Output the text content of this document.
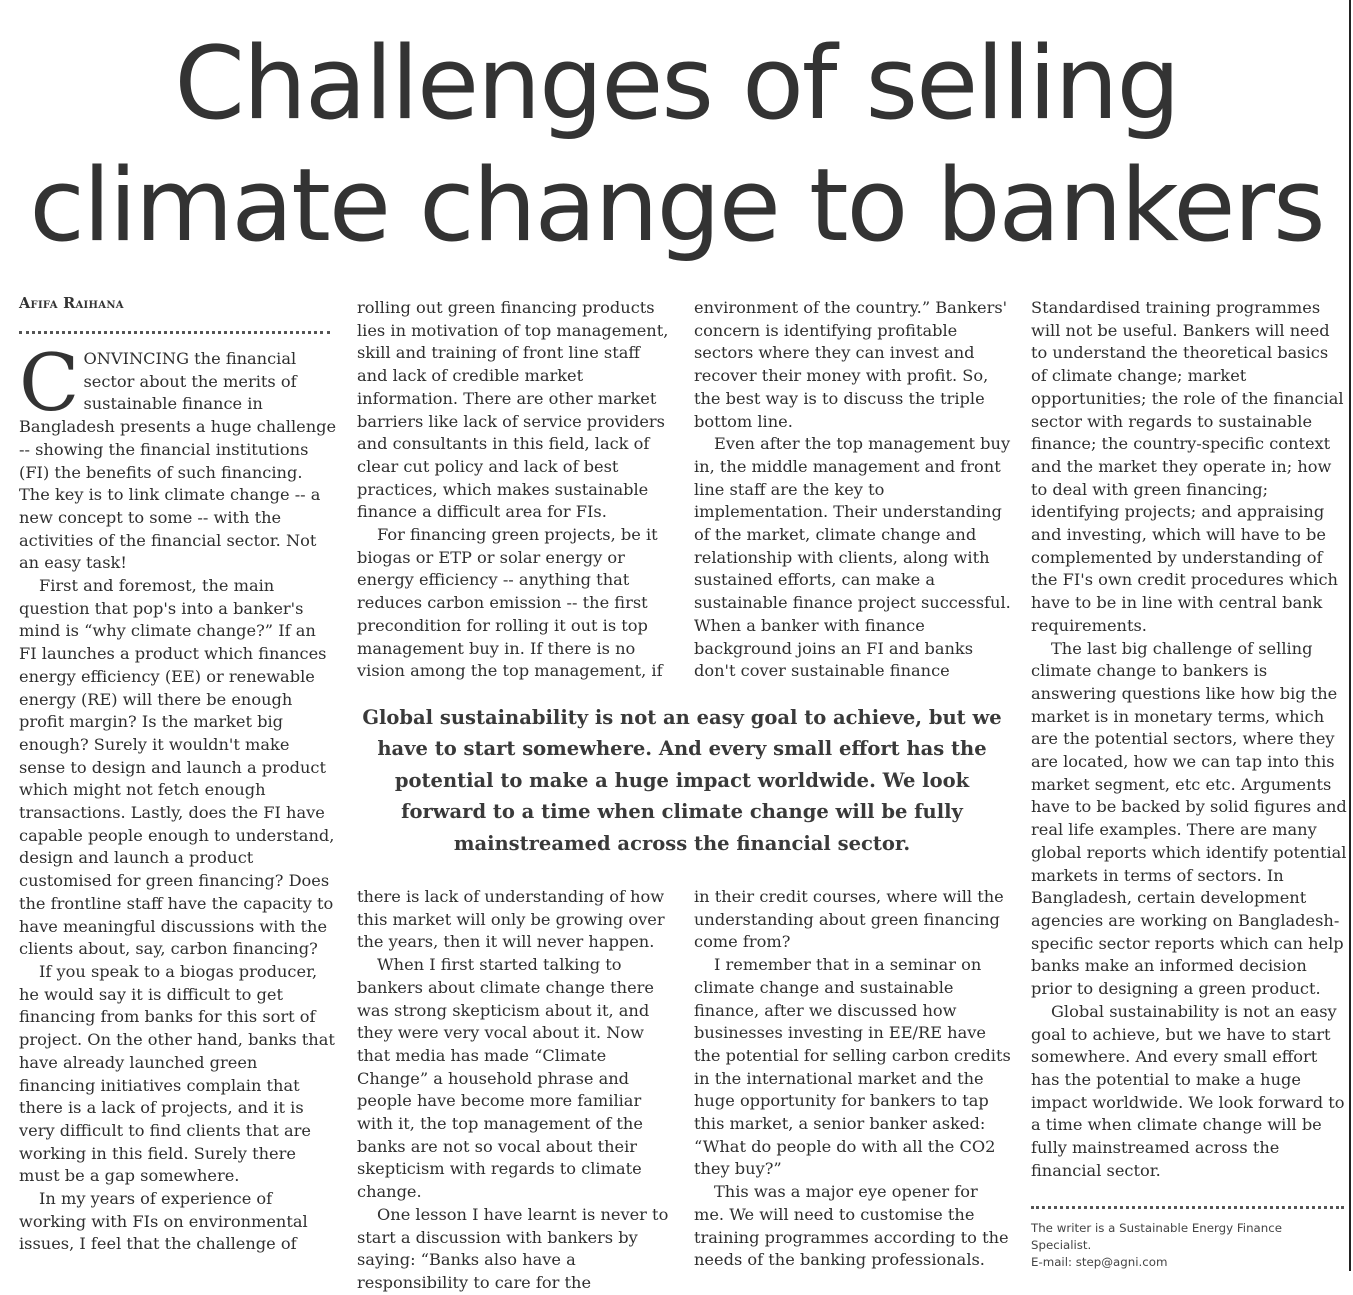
Challenges of selling
climate change to bankers
Afifa Raihana

CONVINCING the financial sector about the merits of sustainable finance in Bangladesh presents a huge challenge -- showing the financial institutions (FI) the benefits of such financing. The key is to link climate change -- a new concept to some -- with the activities of the financial sector. Not an easy task!

First and foremost, the main question that pop's into a banker's mind is “why climate change?” If an FI launches a product which finances energy efficiency (EE) or renewable energy (RE) will there be enough profit margin? Is the market big enough? Surely it wouldn't make sense to design and launch a product which might not fetch enough transactions. Lastly, does the FI have capable people enough to understand, design and launch a product customised for green financing? Does the frontline staff have the capacity to have meaningful discussions with the clients about, say, carbon financing?

If you speak to a biogas producer, he would say it is difficult to get financing from banks for this sort of project. On the other hand, banks that have already launched green financing initiatives complain that there is a lack of projects, and it is very difficult to find clients that are working in this field. Surely there must be a gap somewhere.

In my years of experience of working with FIs on environmental issues, I feel that the challenge of

rolling out green financing products lies in motivation of top management, skill and training of front line staff and lack of credible market information. There are other market barriers like lack of service providers and consultants in this field, lack of clear cut policy and lack of best practices, which makes sustainable finance a difficult area for FIs.

For financing green projects, be it biogas or ETP or solar energy or energy efficiency -- anything that reduces carbon emission -- the first precondition for rolling it out is top management buy in. If there is no vision among the top management, if

environment of the country.” Bankers' concern is identifying profitable sectors where they can invest and recover their money with profit. So, the best way is to discuss the triple bottom line.

Even after the top management buy in, the middle management and front line staff are the key to implementation. Their understanding of the market, climate change and relationship with clients, along with sustained efforts, can make a sustainable finance project successful. When a banker with finance background joins an FI and banks don't cover sustainable finance

Global sustainability is not an easy goal to achieve, but we have to start somewhere. And every small effort has the potential to make a huge impact worldwide. We look forward to a time when climate change will be fully mainstreamed across the financial sector.

there is lack of understanding of how this market will only be growing over the years, then it will never happen.

When I first started talking to bankers about climate change there was strong skepticism about it, and they were very vocal about it. Now that media has made “Climate Change” a household phrase and people have become more familiar with it, the top management of the banks are not so vocal about their skepticism with regards to climate change.

One lesson I have learnt is never to start a discussion with bankers by saying: “Banks also have a responsibility to care for the

in their credit courses, where will the understanding about green financing come from?

I remember that in a seminar on climate change and sustainable finance, after we discussed how businesses investing in EE/RE have the potential for selling carbon credits in the international market and the huge opportunity for bankers to tap this market, a senior banker asked: “What do people do with all the CO2 they buy?”

This was a major eye opener for me. We will need to customise the training programmes according to the needs of the banking professionals.

Standardised training programmes will not be useful. Bankers will need to understand the theoretical basics of climate change; market opportunities; the role of the financial sector with regards to sustainable finance; the country-specific context and the market they operate in; how to deal with green financing; identifying projects; and appraising and investing, which will have to be complemented by understanding of the FI's own credit procedures which have to be in line with central bank requirements.

The last big challenge of selling climate change to bankers is answering questions like how big the market is in monetary terms, which are the potential sectors, where they are located, how we can tap into this market segment, etc etc. Arguments have to be backed by solid figures and real life examples. There are many global reports which identify potential markets in terms of sectors. In Bangladesh, certain development agencies are working on Bangladesh-specific sector reports which can help banks make an informed decision prior to designing a green product.

Global sustainability is not an easy goal to achieve, but we have to start somewhere. And every small effort has the potential to make a huge impact worldwide. We look forward to a time when climate change will be fully mainstreamed across the financial sector.

The writer is a Sustainable Energy Finance Specialist.
E-mail: step@agni.com
